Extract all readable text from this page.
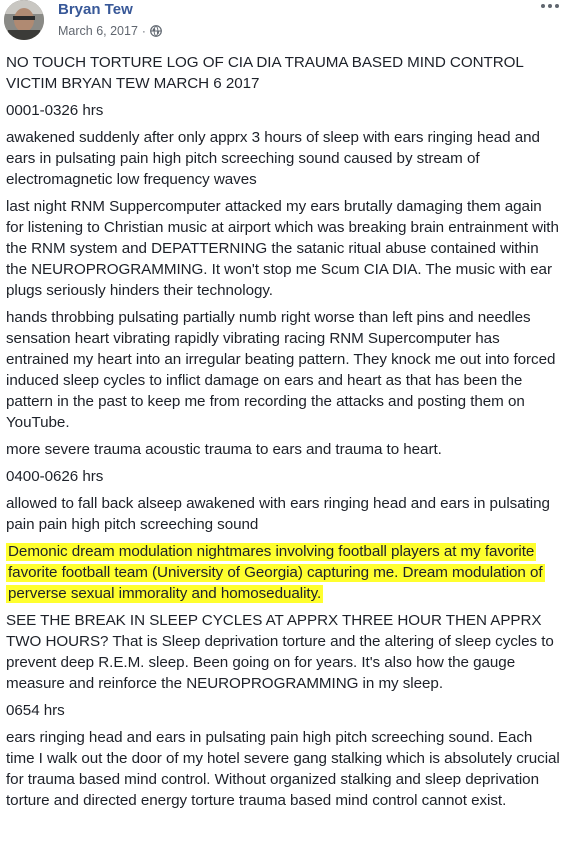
Bryan Tew
March 6, 2017 ·

NO TOUCH TORTURE LOG OF CIA DIA TRAUMA BASED MIND CONTROL VICTIM BRYAN TEW MARCH 6 2017

0001-0326 hrs

awakened suddenly after only apprx 3 hours of sleep with ears ringing head and ears in pulsating pain high pitch screeching sound caused by stream of electromagnetic low frequency waves

last night RNM Suppercomputer attacked my ears brutally damaging them again for listening to Christian music at airport which was breaking brain entrainment with the RNM system and DEPATTERNING the satanic ritual abuse contained within the NEUROPROGRAMMING. It won't stop me Scum CIA DIA. The music with ear plugs seriously hinders their technology.

hands throbbing pulsating partially numb right worse than left pins and needles sensation heart vibrating rapidly vibrating racing RNM Supercomputer has entrained my heart into an irregular beating pattern. They knock me out into forced induced sleep cycles to inflict damage on ears and heart as that has been the pattern in the past to keep me from recording the attacks and posting them on YouTube.

more severe trauma acoustic trauma to ears and trauma to heart.

0400-0626 hrs

allowed to fall back alseep awakened with ears ringing head and ears in pulsating pain pain high pitch screeching sound

Demonic dream modulation nightmares involving football players at my favorite favorite football team (University of Georgia) capturing me. Dream modulation of perverse sexual immorality and homoseduality.

SEE THE BREAK IN SLEEP CYCLES AT APPRX THREE HOUR THEN APPRX TWO HOURS? That is Sleep deprivation torture and the altering of sleep cycles to prevent deep R.E.M. sleep. Been going on for years. It's also how the gauge measure and reinforce the NEUROPROGRAMMING in my sleep.

0654 hrs

ears ringing head and ears in pulsating pain high pitch screeching sound. Each time I walk out the door of my hotel severe gang stalking which is absolutely crucial for trauma based mind control. Without organized stalking and sleep deprivation torture and directed energy torture trauma based mind control cannot exist.
